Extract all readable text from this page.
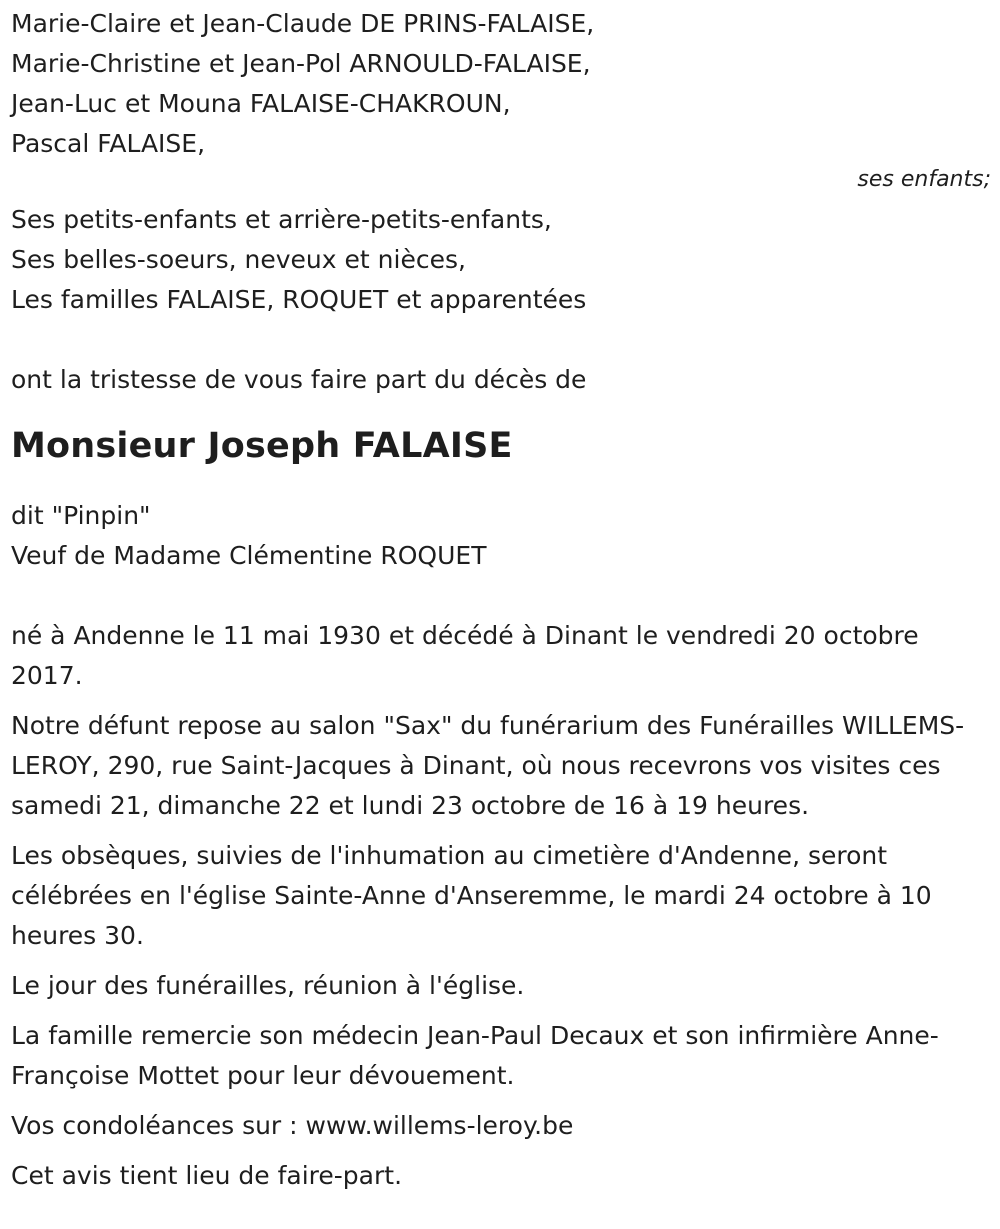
Marie-Claire et Jean-Claude DE PRINS-FALAISE,
Marie-Christine et Jean-Pol ARNOULD-FALAISE,
Jean-Luc et Mouna FALAISE-CHAKROUN,
Pascal FALAISE,
ses enfants;
Ses petits-enfants et arrière-petits-enfants,
Ses belles-soeurs, neveux et nièces,
Les familles FALAISE, ROQUET et apparentées
ont la tristesse de vous faire part du décès de
Monsieur Joseph FALAISE
dit "Pinpin"
Veuf de Madame Clémentine ROQUET

né à Andenne le 11 mai 1930 et décédé à Dinant le vendredi 20 octobre 2017.

Notre défunt repose au salon "Sax" du funérarium des Funérailles WILLEMS-LEROY, 290, rue Saint-Jacques à Dinant, où nous recevrons vos visites ces samedi 21, dimanche 22 et lundi 23 octobre de 16 à 19 heures.

Les obsèques, suivies de l'inhumation au cimetière d'Andenne, seront célébrées en l'église Sainte-Anne d'Anseremme, le mardi 24 octobre à 10 heures 30.

Le jour des funérailles, réunion à l'église.

La famille remercie son médecin Jean-Paul Decaux et son infirmière Anne-Françoise Mottet pour leur dévouement.

Vos condoléances sur : www.willems-leroy.be

Cet avis tient lieu de faire-part.
